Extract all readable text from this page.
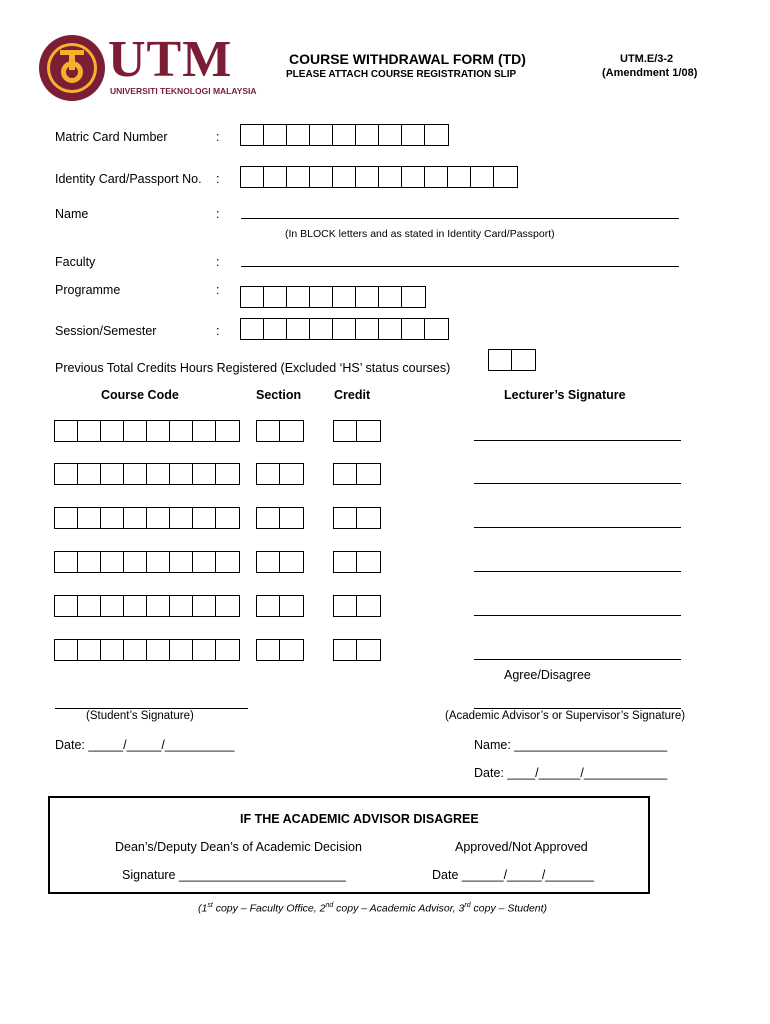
UTM
UNIVERSITI TEKNOLOGI MALAYSIA
COURSE WITHDRAWAL FORM (TD)
PLEASE ATTACH COURSE REGISTRATION SLIP
UTM.E/3-2
(Amendment 1/08)
Matric Card Number	:
Identity Card/Passport No. :
Name	:
(In BLOCK letters and as stated in Identity Card/Passport)
Faculty	:
Programme	:
Session/Semester	:
Previous Total Credits Hours Registered (Excluded ‘HS’ status courses)
Course Code	Section	Credit	Lecturer’s Signature
Agree/Disagree
(Student’s Signature)	(Academic Advisor’s or Supervisor’s Signature)
Date: _____/_____/__________	Name: ______________________
Date: ____/______/____________
IF THE ACADEMIC ADVISOR DISAGREE
Dean’s/Deputy Dean’s of Academic Decision	Approved/Not Approved
Signature ________________________	Date ______/_____/_______
(1st copy – Faculty Office, 2nd copy – Academic Advisor, 3rd copy – Student)
